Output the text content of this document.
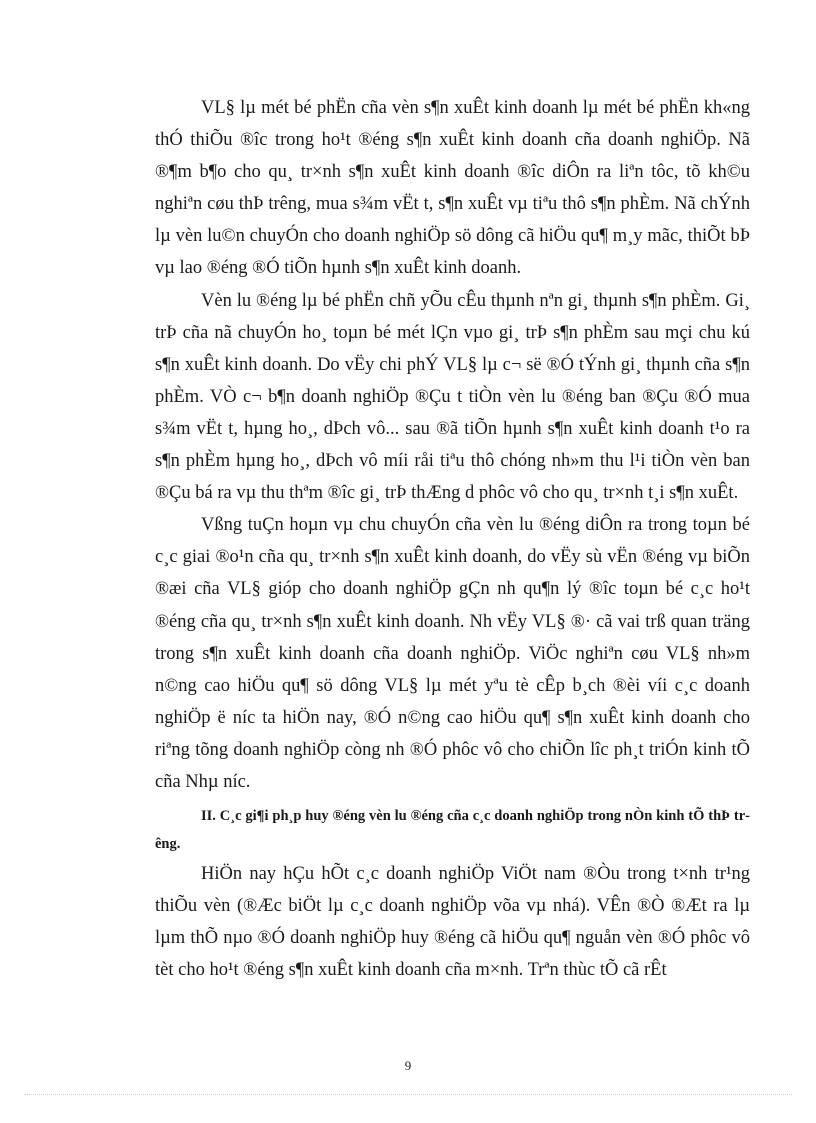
VL§ lµ mét bé phËn cña vèn s¶n xuÊt kinh doanh lµ mét bé phËn kh«ng thÓ thiÕu ®îc trong ho¹t ®éng s¶n xuÊt kinh doanh cña doanh nghiÖp. Nã ®¶m b¶o cho qu¸ tr×nh s¶n xuÊt kinh doanh ®îc diÔn ra liªn tôc, tõ kh©u nghiªn cøu thÞ trêng, mua s¾m vËt t, s¶n xuÊt vµ tiªu thô s¶n phÈm. Nã chÝnh lµ vèn lu©n chuyÓn cho doanh nghiÖp sö dông cã hiÖu qu¶ m¸y mãc, thiÕt bÞ vµ lao ®éng ®Ó tiÕn hµnh s¶n xuÊt kinh doanh.

Vèn lu ®éng lµ bé phËn chñ yÕu cÊu thµnh nªn gi¸ thµnh s¶n phÈm. Gi¸ trÞ cña nã chuyÓn ho¸ toµn bé mét lÇn vµo gi¸ trÞ s¶n phÈm sau mçi chu kú s¶n xuÊt kinh doanh. Do vËy chi phÝ VL§ lµ c¬ së ®Ó tÝnh gi¸ thµnh cña s¶n phÈm. VÒ c¬ b¶n doanh nghiÖp ®Çu t tiÒn vèn lu ®éng ban ®Çu ®Ó mua s¾m vËt t, hµng ho¸, dÞch vô... sau ®ã tiÕn hµnh s¶n xuÊt kinh doanh t¹o ra s¶n phÈm hµng ho¸, dÞch vô míi råi tiªu thô chóng nh»m thu l¹i tiÒn vèn ban ®Çu bá ra vµ thu thªm ®îc gi¸ trÞ thÆng d phôc vô cho qu¸ tr×nh t¸i s¶n xuÊt.

Vßng tuÇn hoµn vµ chu chuyÓn cña vèn lu ®éng diÔn ra trong toµn bé c¸c giai ®o¹n cña qu¸ tr×nh s¶n xuÊt kinh doanh, do vËy sù vËn ®éng vµ biÕn ®æi cña VL§ gióp cho doanh nghiÖp gÇn nh qu¶n lý ®îc toµn bé c¸c ho¹t ®éng cña qu¸ tr×nh s¶n xuÊt kinh doanh. Nh vËy VL§ ®· cã vai trß quan träng trong s¶n xuÊt kinh doanh cña doanh nghiÖp. ViÖc nghiªn cøu VL§ nh»m n©ng cao hiÖu qu¶ sö dông VL§ lµ mét yªu tè cÊp b¸ch ®èi víi c¸c doanh nghiÖp ë níc ta hiÖn nay, ®Ó n©ng cao hiÖu qu¶ s¶n xuÊt kinh doanh cho riªng tõng doanh nghiÖp còng nh ®Ó phôc vô cho chiÕn lîc ph¸t triÓn kinh tÕ cña Nhµ níc.

II. C¸c gi¶i ph¸p huy ®éng vèn lu ®éng cña c¸c doanh nghiÖp trong nÒn kinh tÕ thÞ trêng.

HiÖn nay hÇu hÕt c¸c doanh nghiÖp ViÖt nam ®Òu trong t×nh tr¹ng thiÕu vèn (®Æc biÖt lµ c¸c doanh nghiÖp võa vµ nhá). VÊn ®Ò ®Æt ra lµ lµm thÕ nµo ®Ó doanh nghiÖp huy ®éng cã hiÖu qu¶ nguån vèn ®Ó phôc vô tèt cho ho¹t ®éng s¶n xuÊt kinh doanh cña m×nh. Trªn thùc tÕ cã rÊt

9
